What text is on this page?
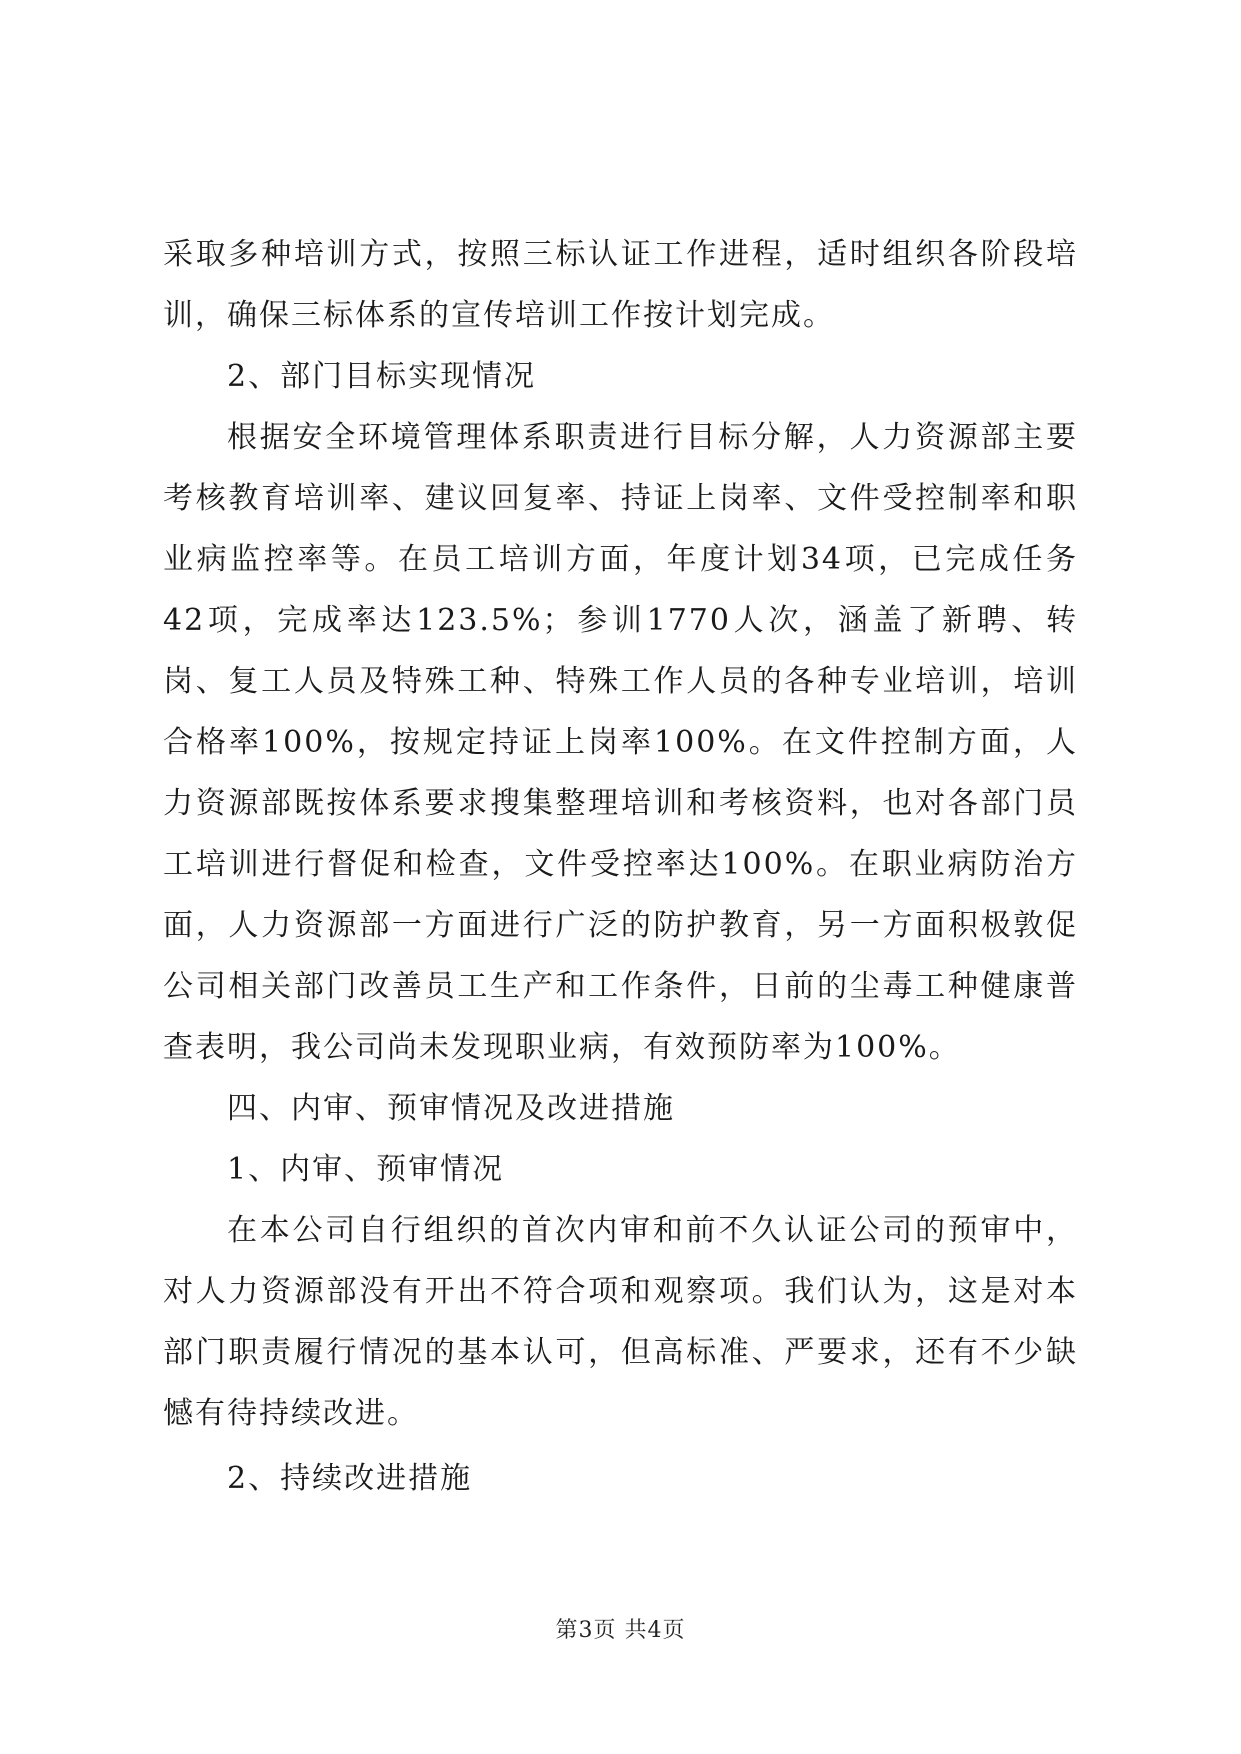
采取多种培训方式，按照三标认证工作进程，适时组织各阶段培训，确保三标体系的宣传培训工作按计划完成。

2、部门目标实现情况

根据安全环境管理体系职责进行目标分解，人力资源部主要考核教育培训率、建议回复率、持证上岗率、文件受控制率和职业病监控率等。在员工培训方面，年度计划34项，已完成任务42项，完成率达123.5%；参训1770人次，涵盖了新聘、转岗、复工人员及特殊工种、特殊工作人员的各种专业培训，培训合格率100%，按规定持证上岗率100%。在文件控制方面，人力资源部既按体系要求搜集整理培训和考核资料，也对各部门员工培训进行督促和检查，文件受控率达100%。在职业病防治方面，人力资源部一方面进行广泛的防护教育，另一方面积极敦促公司相关部门改善员工生产和工作条件，日前的尘毒工种健康普查表明，我公司尚未发现职业病，有效预防率为100%。

四、内审、预审情况及改进措施

1、内审、预审情况

在本公司自行组织的首次内审和前不久认证公司的预审中，对人力资源部没有开出不符合项和观察项。我们认为，这是对本部门职责履行情况的基本认可，但高标准、严要求，还有不少缺憾有待持续改进。

2、持续改进措施

第3页 共4页
